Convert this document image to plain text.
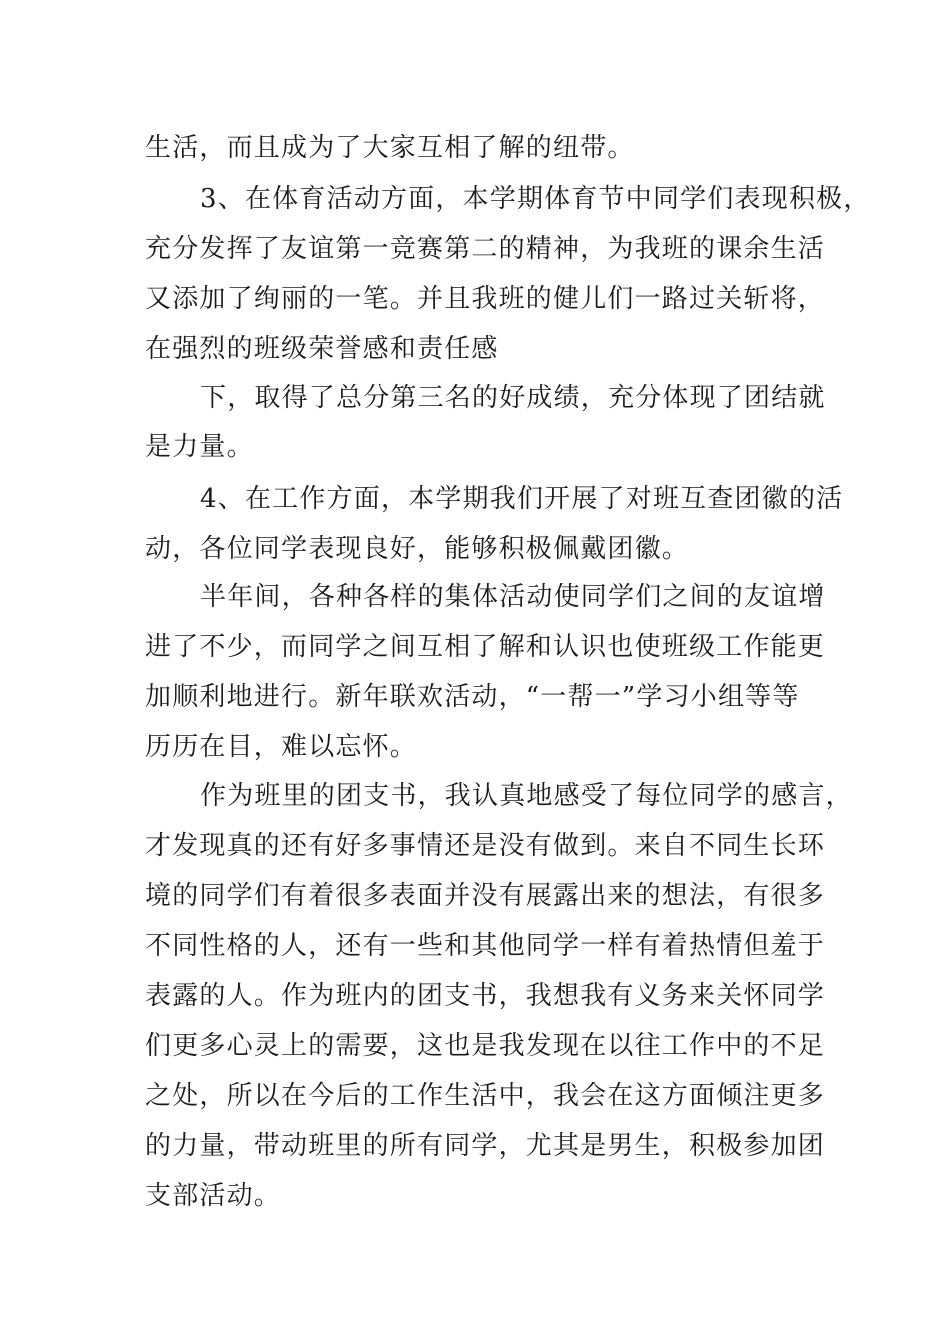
生活，而且成为了大家互相了解的纽带。
3、在体育活动方面，本学期体育节中同学们表现积极，
充分发挥了友谊第一竞赛第二的精神，为我班的课余生活
又添加了绚丽的一笔。并且我班的健儿们一路过关斩将，
在强烈的班级荣誉感和责任感
下，取得了总分第三名的好成绩，充分体现了团结就
是力量。
4、在工作方面，本学期我们开展了对班互查团徽的活
动，各位同学表现良好，能够积极佩戴团徽。
半年间，各种各样的集体活动使同学们之间的友谊增
进了不少，而同学之间互相了解和认识也使班级工作能更
加顺利地进行。新年联欢活动，“一帮一”学习小组等等
历历在目，难以忘怀。
作为班里的团支书，我认真地感受了每位同学的感言，
才发现真的还有好多事情还是没有做到。来自不同生长环
境的同学们有着很多表面并没有展露出来的想法，有很多
不同性格的人，还有一些和其他同学一样有着热情但羞于
表露的人。作为班内的团支书，我想我有义务来关怀同学
们更多心灵上的需要，这也是我发现在以往工作中的不足
之处，所以在今后的工作生活中，我会在这方面倾注更多
的力量，带动班里的所有同学，尤其是男生，积极参加团
支部活动。
